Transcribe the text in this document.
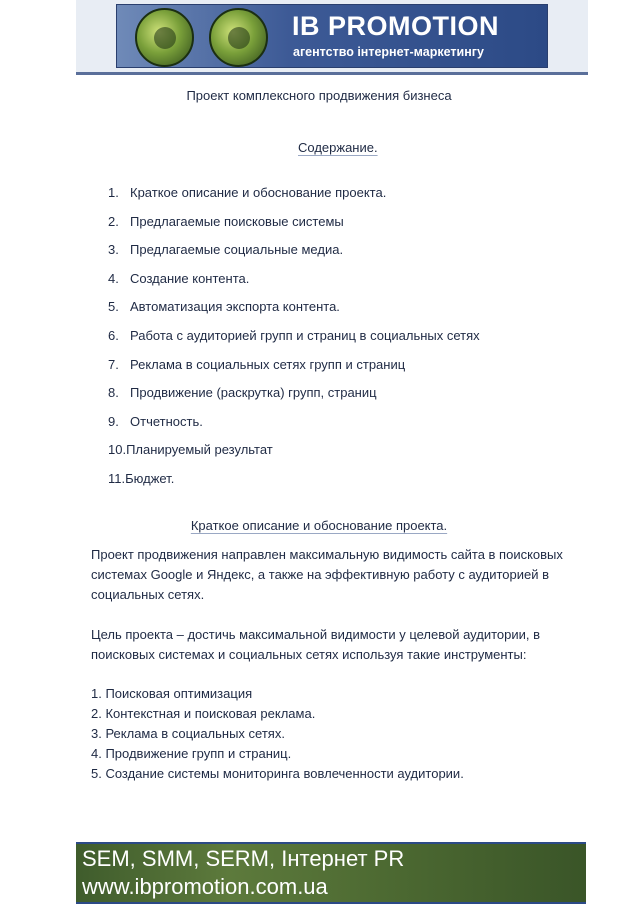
IB PROMOTION
агентство інтернет-маркетингу
Проект комплексного продвижения бизнеса
Содержание.
1. Краткое описание и обоснование проекта.
2. Предлагаемые поисковые системы
3. Предлагаемые социальные медиа.
4. Создание контента.
5. Автоматизация экспорта контента.
6. Работа с аудиторией групп и страниц в социальных сетях
7. Реклама в социальных сетях групп и страниц
8. Продвижение (раскрутка) групп, страниц
9. Отчетность.
10.Планируемый результат
11.Бюджет.
Краткое описание и обоснование проекта.

Проект продвижения направлен максимальную видимость сайта в поисковых системах Google и Яндекс, а также на эффективную работу с аудиторией в социальных сетях.

Цель проекта – достичь максимальной видимости у целевой аудитории, в поисковых системах и социальных сетях используя такие инструменты:

1. Поисковая оптимизация
2. Контекстная и поисковая реклама.
3. Реклама в социальных сетях.
4. Продвижение групп и страниц.
5. Создание системы мониторинга вовлеченности аудитории.
SEM, SMM, SERM, Інтернет PR
www.ibpromotion.com.ua
